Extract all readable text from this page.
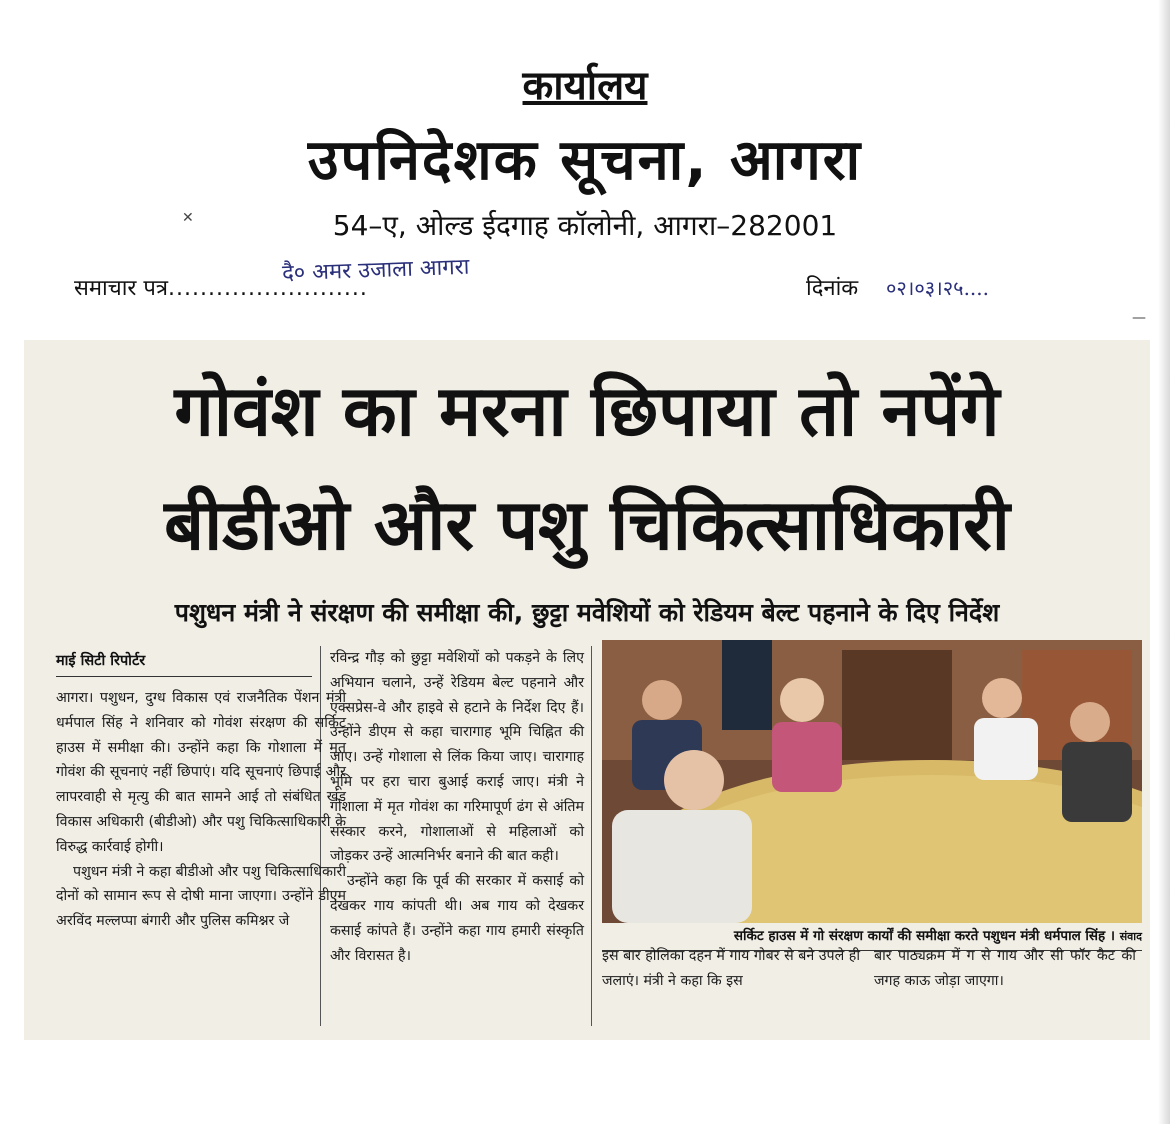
कार्यालय
उपनिदेशक सूचना, आगरा
54–ए, ओल्ड ईदगाह कॉलोनी, आगरा–282001
समाचार पत्र.........................
दै० अमर उजाला आगरा
दिनांक ०२।०३।२५....
✕
—
गोवंश का मरना छिपाया तो नपेंगे
बीडीओ और पशु चिकित्साधिकारी
पशुधन मंत्री ने संरक्षण की समीक्षा की, छुट्टा मवेशियों को रेडियम बेल्ट पहनाने के दिए निर्देश
माई सिटी रिपोर्टर

आगरा। पशुधन, दुग्ध विकास एवं राजनैतिक पेंशन मंत्री धर्मपाल सिंह ने शनिवार को गोवंश संरक्षण की सर्किट हाउस में समीक्षा की। उन्होंने कहा कि गोशाला में मृत गोवंश की सूचनाएं नहीं छिपाएं। यदि सूचनाएं छिपाई और लापरवाही से मृत्यु की बात सामने आई तो संबंधित खंड विकास अधिकारी (बीडीओ) और पशु चिकित्साधिकारी के विरुद्ध कार्रवाई होगी।

पशुधन मंत्री ने कहा बीडीओ और पशु चिकित्साधिकारी दोनों को सामान रूप से दोषी माना जाएगा। उन्होंने डीएम अरविंद मल्लप्पा बंगारी और पुलिस कमिश्नर जे

रविन्द्र गौड़ को छुट्टा मवेशियों को पकड़ने के लिए अभियान चलाने, उन्हें रेडियम बेल्ट पहनाने और एक्सप्रेस-वे और हाइवे से हटाने के निर्देश दिए हैं। उन्होंने डीएम से कहा चारागाह भूमि चिह्नित की जाए। उन्हें गोशाला से लिंक किया जाए। चारागाह भूमि पर हरा चारा बुआई कराई जाए। मंत्री ने गोशाला में मृत गोवंश का गरिमापूर्ण ढंग से अंतिम संस्कार करने, गोशालाओं से महिलाओं को जोड़कर उन्हें आत्मनिर्भर बनाने की बात कही।

उन्होंने कहा कि पूर्व की सरकार में कसाई को देखकर गाय कांपती थी। अब गाय को देखकर कसाई कांपते हैं। उन्होंने कहा गाय हमारी संस्कृति और विरासत है।

सर्किट हाउस में गो संरक्षण कार्यों की समीक्षा करते पशुधन मंत्री धर्मपाल सिंह । संवाद

इस बार होलिका दहन में गाय गोबर से बने उपले ही जलाएं। मंत्री ने कहा कि इस

बार पाठ्यक्रम में ग से गाय और सी फॉर कैट की जगह काऊ जोड़ा जाएगा।
